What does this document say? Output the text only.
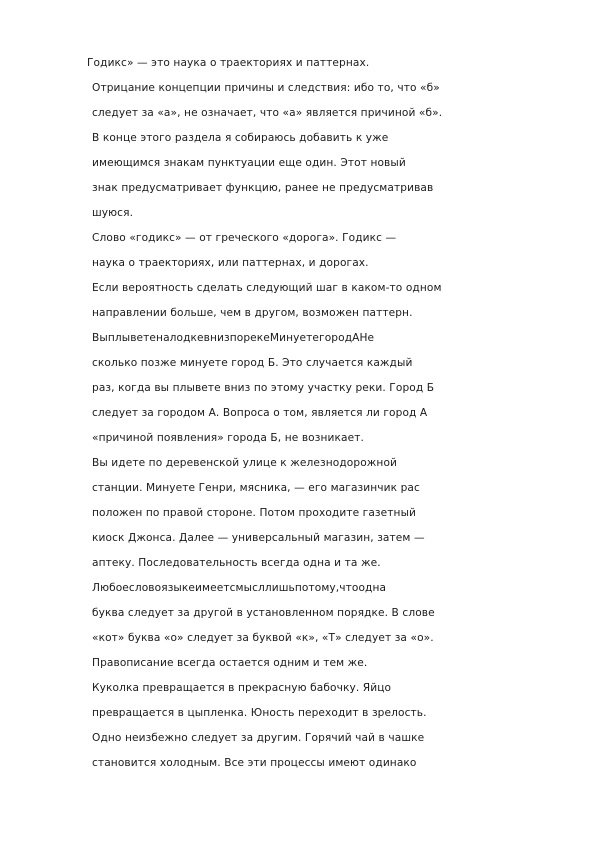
Годикс» — это наука о траекториях и паттернах.
Отрицание концепции причины и следствия: ибо то, что «б»
следует за «а», не означает, что «а» является причиной «б».
В конце этого раздела я собираюсь добавить к уже
имеющимся знакам пунктуации еще один. Этот новый
знак предусматривает функцию, ранее не предусматривав
шуюся.
Слово «годикс» — от греческого «дорога». Годикс —
наука о траекториях, или паттернах, и дорогах.
Если вероятность сделать следующий шаг в каком-то одном
направлении больше, чем в другом, возможен паттерн.
ВыплыветеналодкевнизпорекеМинуетегородАНе
сколько позже минуете город Б. Это случается каждый
раз, когда вы плывете вниз по этому участку реки. Город Б
следует за городом А. Вопроса о том, является ли город А
«причиной появления» города Б, не возникает.
Вы идете по деревенской улице к железнодорожной
станции. Минуете Генри, мясника, — его магазинчик рас
положен по правой стороне. Потом проходите газетный
киоск Джонса. Далее — универсальный магазин, затем —
аптеку. Последовательность всегда одна и та же.
Любоесловоязыкеимеетсмысллишьпотому,чтоодна
буква следует за другой в установленном порядке. В слове
«кот» буква «о» следует за буквой «к», «Т» следует за «о».
Правописание всегда остается одним и тем же.
Куколка превращается в прекрасную бабочку. Яйцо
превращается в цыпленка. Юность переходит в зрелость.
Одно неизбежно следует за другим. Горячий чай в чашке
становится холодным. Все эти процессы имеют одинако
